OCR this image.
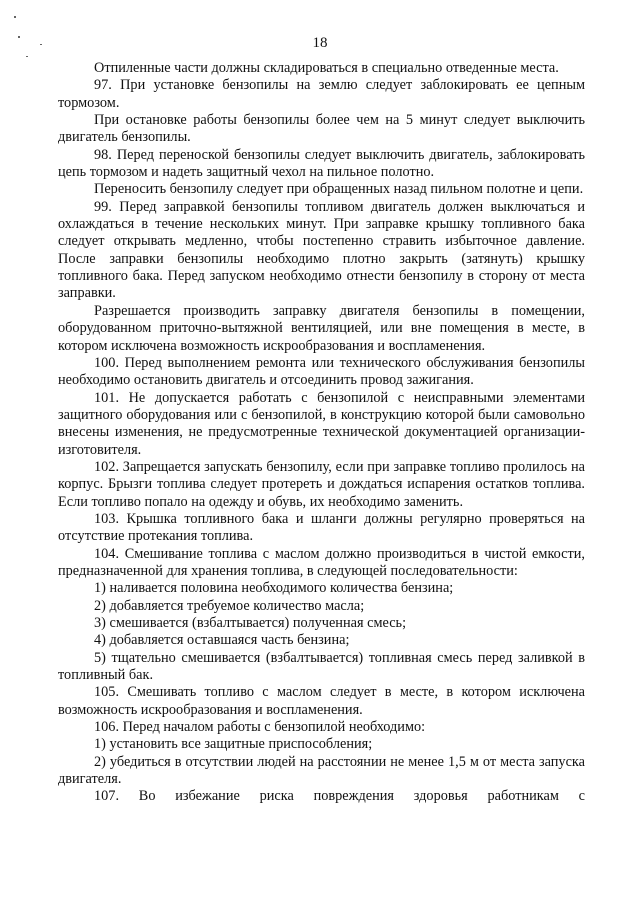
18

Отпиленные части должны складироваться в специально отведенные места.

97. При установке бензопилы на землю следует заблокировать ее цепным тормозом.

При остановке работы бензопилы более чем на 5 минут следует выключить двигатель бензопилы.

98. Перед переноской бензопилы следует выключить двигатель, заблокировать цепь тормозом и надеть защитный чехол на пильное полотно.

Переносить бензопилу следует при обращенных назад пильном полотне и цепи.

99. Перед заправкой бензопилы топливом двигатель должен выключаться и охлаждаться в течение нескольких минут. При заправке крышку топливного бака следует открывать медленно, чтобы постепенно стравить избыточное давление. После заправки бензопилы необходимо плотно закрыть (затянуть) крышку топливного бака. Перед запуском необходимо отнести бензопилу в сторону от места заправки.

Разрешается производить заправку двигателя бензопилы в помещении, оборудованном приточно-вытяжной вентиляцией, или вне помещения в месте, в котором исключена возможность искрообразования и воспламенения.

100. Перед выполнением ремонта или технического обслуживания бензопилы необходимо остановить двигатель и отсоединить провод зажигания.

101. Не допускается работать с бензопилой с неисправными элементами защитного оборудования или с бензопилой, в конструкцию которой были самовольно внесены изменения, не предусмотренные технической документацией организации-изготовителя.

102. Запрещается запускать бензопилу, если при заправке топливо пролилось на корпус. Брызги топлива следует протереть и дождаться испарения остатков топлива. Если топливо попало на одежду и обувь, их необходимо заменить.

103. Крышка топливного бака и шланги должны регулярно проверяться на отсутствие протекания топлива.

104. Смешивание топлива с маслом должно производиться в чистой емкости, предназначенной для хранения топлива, в следующей последовательности:

1) наливается половина необходимого количества бензина;

2) добавляется требуемое количество масла;

3) смешивается (взбалтывается) полученная смесь;

4) добавляется оставшаяся часть бензина;

5) тщательно смешивается (взбалтывается) топливная смесь перед заливкой в топливный бак.

105. Смешивать топливо с маслом следует в месте, в котором исключена возможность искрообразования и воспламенения.

106. Перед началом работы с бензопилой необходимо:

1) установить все защитные приспособления;

2) убедиться в отсутствии людей на расстоянии не менее 1,5 м от места запуска двигателя.

107. Во избежание риска повреждения здоровья работникам с
